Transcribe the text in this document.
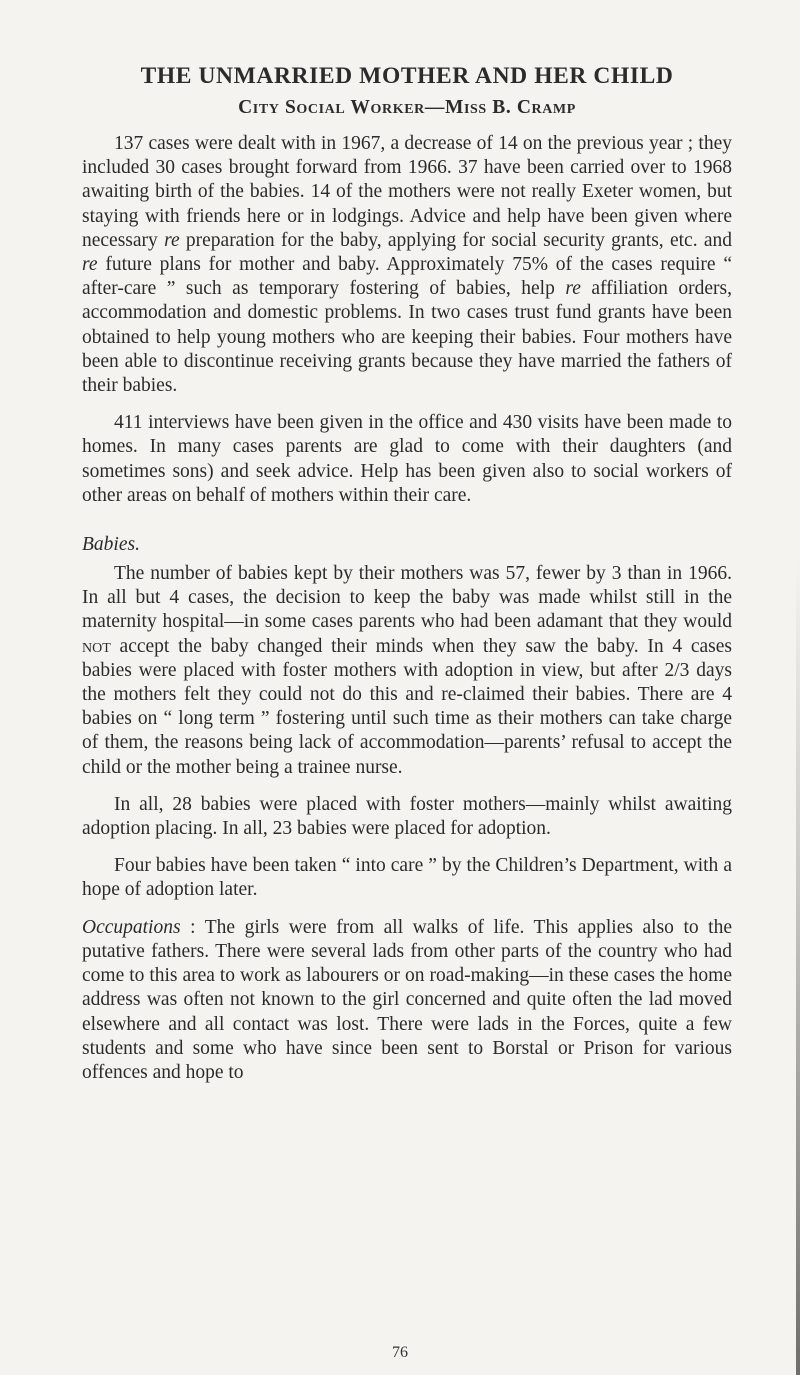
THE UNMARRIED MOTHER AND HER CHILD
City Social Worker—Miss B. Cramp

137 cases were dealt with in 1967, a decrease of 14 on the previous year ; they included 30 cases brought forward from 1966. 37 have been carried over to 1968 awaiting birth of the babies. 14 of the mothers were not really Exeter women, but staying with friends here or in lodgings. Advice and help have been given where necessary re preparation for the baby, applying for social security grants, etc. and re future plans for mother and baby. Approximately 75% of the cases require “ after-care ” such as temporary fostering of babies, help re affiliation orders, accommodation and domestic problems. In two cases trust fund grants have been obtained to help young mothers who are keeping their babies. Four mothers have been able to discontinue receiving grants because they have married the fathers of their babies.

411 interviews have been given in the office and 430 visits have been made to homes. In many cases parents are glad to come with their daughters (and sometimes sons) and seek advice. Help has been given also to social workers of other areas on behalf of mothers within their care.

Babies.

The number of babies kept by their mothers was 57, fewer by 3 than in 1966. In all but 4 cases, the decision to keep the baby was made whilst still in the maternity hospital—in some cases parents who had been adamant that they would not accept the baby changed their minds when they saw the baby. In 4 cases babies were placed with foster mothers with adoption in view, but after 2/3 days the mothers felt they could not do this and re-claimed their babies. There are 4 babies on “ long term ” fostering until such time as their mothers can take charge of them, the reasons being lack of accommodation—parents’ refusal to accept the child or the mother being a trainee nurse.

In all, 28 babies were placed with foster mothers—mainly whilst awaiting adoption placing. In all, 23 babies were placed for adoption.

Four babies have been taken “ into care ” by the Children’s Department, with a hope of adoption later.

Occupations : The girls were from all walks of life. This applies also to the putative fathers. There were several lads from other parts of the country who had come to this area to work as labourers or on road-making—in these cases the home address was often not known to the girl concerned and quite often the lad moved elsewhere and all contact was lost. There were lads in the Forces, quite a few students and some who have since been sent to Borstal or Prison for various offences and hope to

76
